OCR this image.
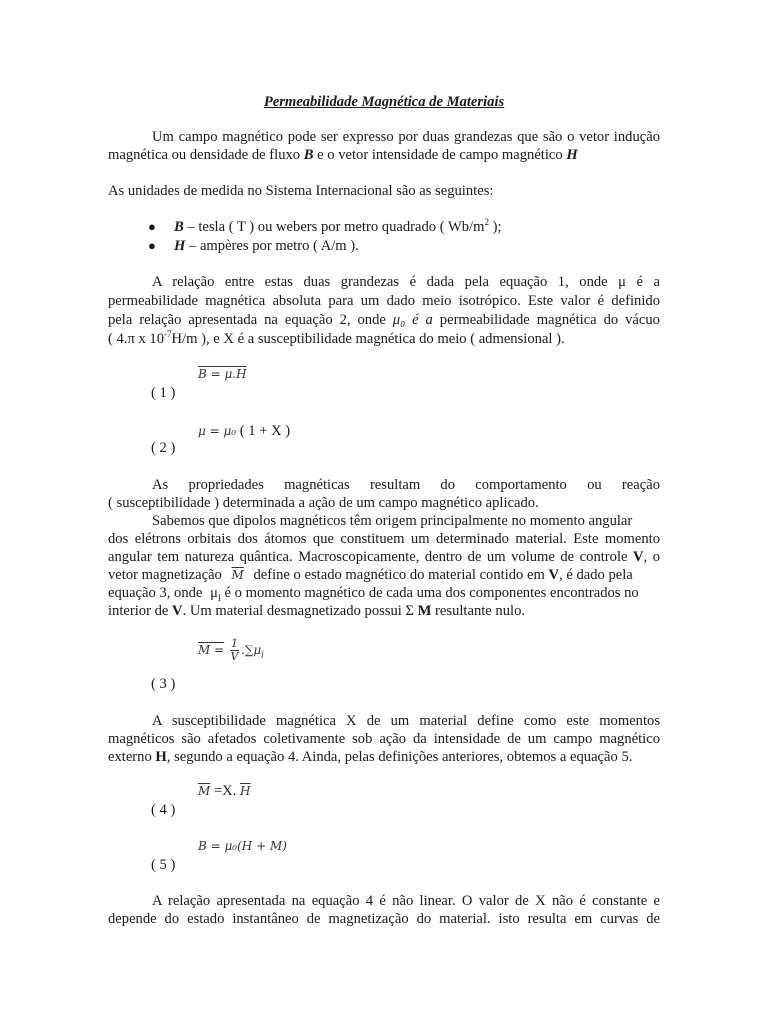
Permeabilidade Magnética de Materiais
Um campo magnético pode ser expresso por duas grandezas que são o vetor indução
magnética ou densidade de fluxo B e o vetor intensidade de campo magnético H
As unidades de medida no Sistema Internacional são as seguintes:
● B – tesla ( T ) ou webers por metro quadrado ( $Wb/m^2$ );
● H – ampères por metro ( A/m ).
A relação entre estas duas grandezas é dada pela equação 1, onde μ é a
permeabilidade magnética absoluta para um dado meio isotrópico. Este valor é definido
pela relação apresentada na equação 2, onde μ₀ é a permeabilidade magnética do vácuo
( 4.π x $10^{-7}H/m$ ), e X é a susceptibilidade magnética do meio ( admensional ).
B = μ.H
( 1 )
μ = μ₀ ( 1 + X )
( 2 )
As propriedades magnéticas resultam do comportamento ou reação
( susceptibilidade ) determinada a ação de um campo magnético aplicado.
Sabemos que dipolos magnéticos têm origem principalmente no momento angular
dos elétrons orbitais dos átomos que constituem um determinado material. Este momento
angular tem natureza quântica. Macroscopicamente, dentro de um volume de controle V, o
vetor magnetização $\overline{M}$ define o estado magnético do material contido em V, é dado pela
equação 3, onde $\mu_I$ é o momento magnético de cada uma dos componentes encontrados no
interior de V. Um material desmagnetizado possui Σ M resultante nulo.
$M = \frac{1}{V} .\sum\mu_i$
( 3 )
A susceptibilidade magnética X de um material define como este momentos
magnéticos são afetados coletivamente sob ação da intensidade de um campo magnético
externo H, segundo a equação 4. Ainda, pelas definições anteriores, obtemos a equação 5.
$\overline{M} =X$. $\overline{H}$
( 4 )
B = μ₀(H + M)
( 5 )
A relação apresentada na equação 4 é não linear. O valor de X não é constante e
depende do estado instantâneo de magnetização do material. isto resulta em curvas de
